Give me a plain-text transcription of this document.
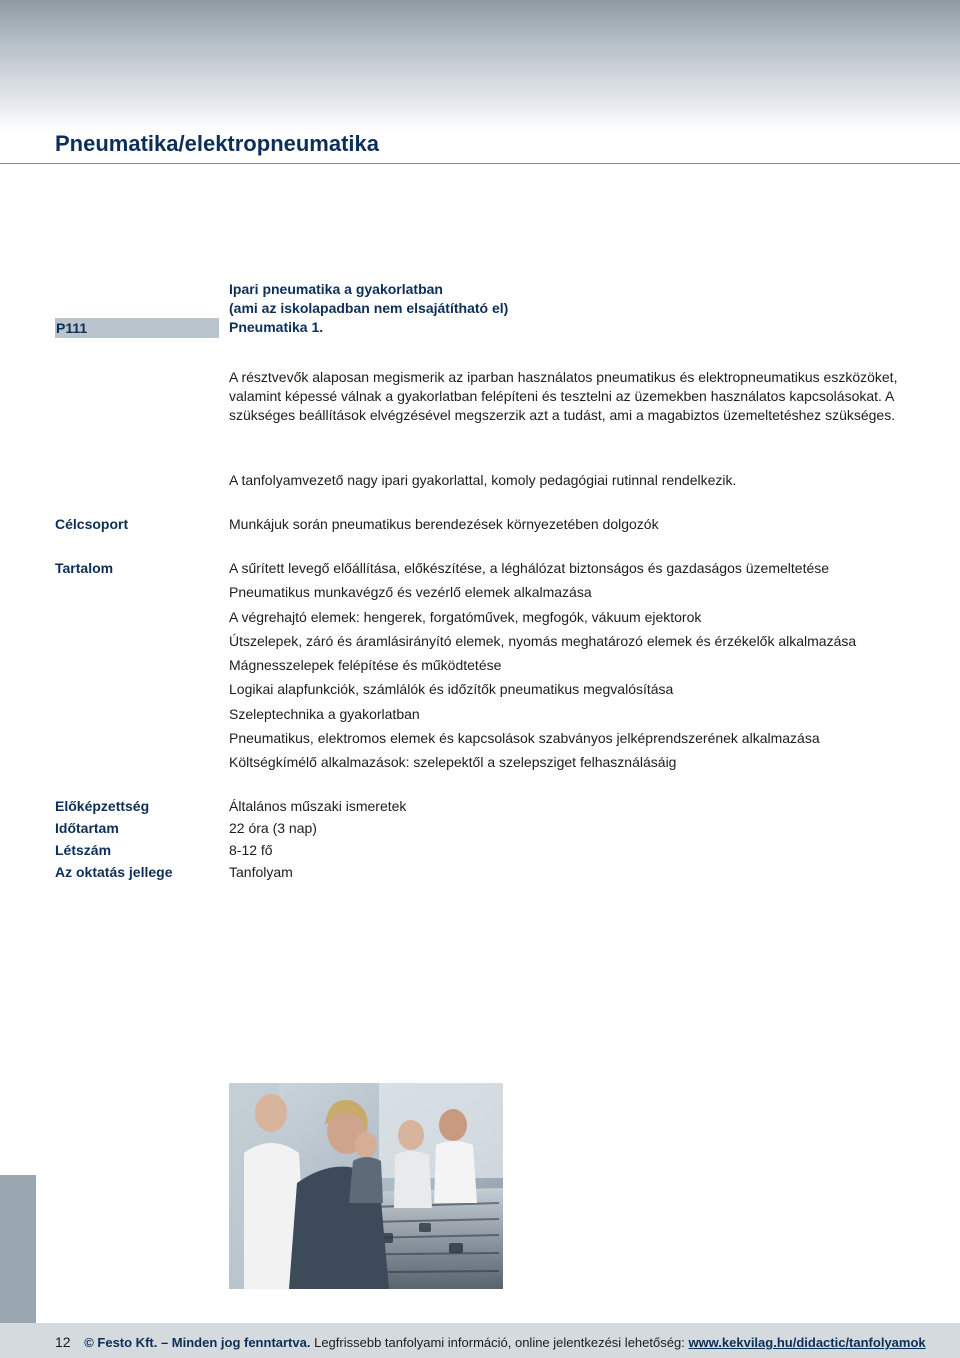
Pneumatika/elektropneumatika
P111
Ipari pneumatika a gyakorlatban
(ami az iskolapadban nem elsajátítható el)
Pneumatika 1.

A résztvevők alaposan megismerik az iparban használatos pneumatikus és elektropneumatikus eszközöket, valamint képessé válnak a gyakorlatban felépíteni és tesztelni az üzemekben használatos kapcsolásokat. A szükséges beállítások elvégzésével megszerzik azt a tudást, ami a magabiztos üzemeltetéshez szükséges.

A tanfolyamvezető nagy ipari gyakorlattal, komoly pedagógiai rutinnal rendelkezik.

Célcsoport	Munkájuk során pneumatikus berendezések környezetében dolgozók
Tartalom	A sűrített levegő előállítása, előkészítése, a léghálózat biztonságos és gazdaságos üzemeltetése
Pneumatikus munkavégző és vezérlő elemek alkalmazása
A végrehajtó elemek: hengerek, forgatóművek, megfogók, vákuum ejektorok
Útszelepek, záró és áramlásirányító elemek, nyomás meghatározó elemek és érzékelők alkalmazása
Mágnesszelepek felépítése és működtetése
Logikai alapfunkciók, számlálók és időzítők pneumatikus megvalósítása
Szeleptechnika a gyakorlatban
Pneumatikus, elektromos elemek és kapcsolások szabványos jelképrendszerének alkalmazása
Költségkímélő alkalmazások: szelepektől a szelepsziget felhasználásáig
Előképzettség	Általános műszaki ismeretek
Időtartam	22 óra (3 nap)
Létszám	8-12 fő
Az oktatás jellege	Tanfolyam
12 © Festo Kft. – Minden jog fenntartva. Legfrissebb tanfolyami információ, online jelentkezési lehetőség: www.kekvilag.hu/didactic/tanfolyamok
